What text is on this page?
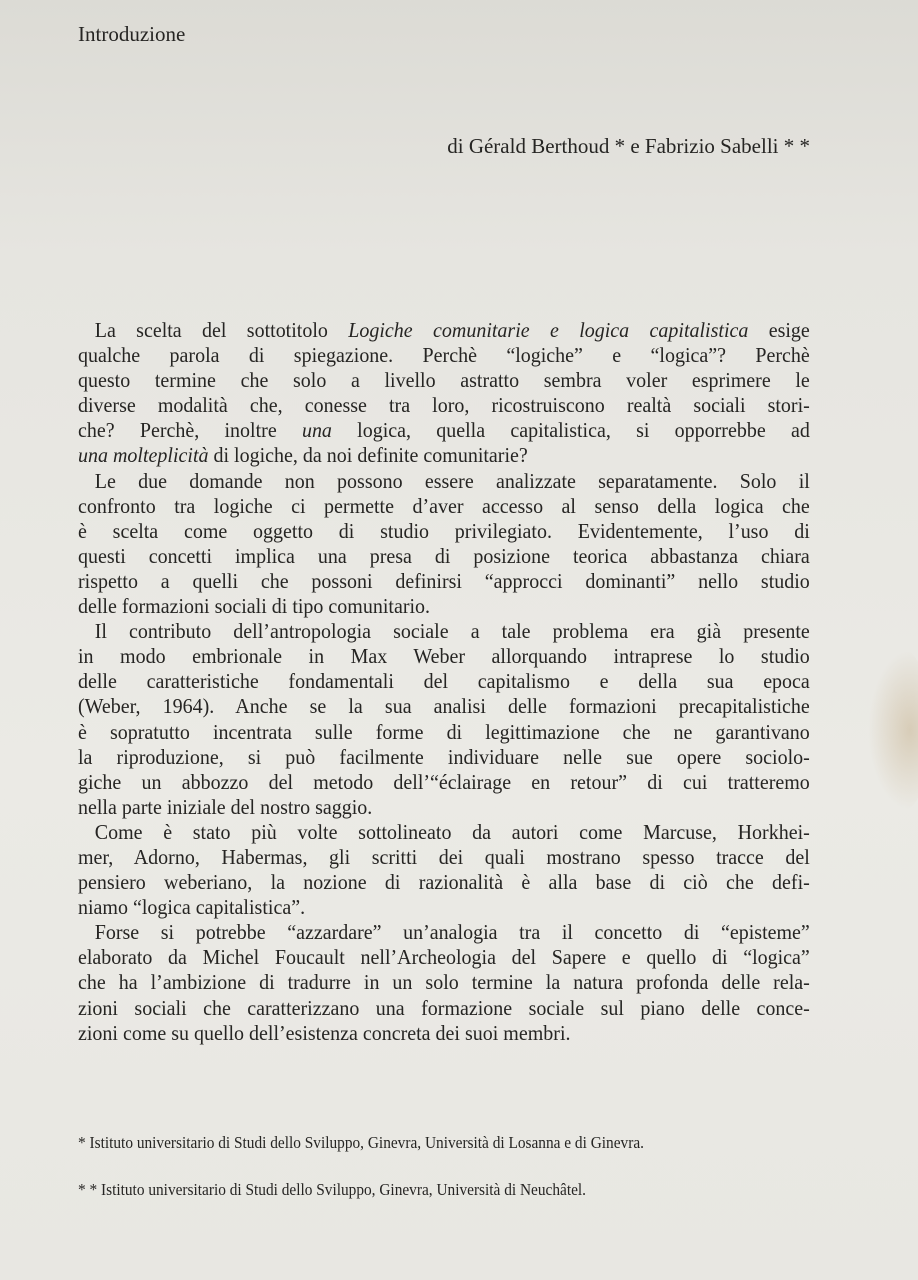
Introduzione
di Gérald Berthoud * e Fabrizio Sabelli * *
La scelta del sottotitolo Logiche comunitarie e logica capitalistica esige
qualche parola di spiegazione. Perchè “logiche” e “logica”? Perchè
questo termine che solo a livello astratto sembra voler esprimere le
diverse modalità che, conesse tra loro, ricostruiscono realtà sociali stori-
che? Perchè, inoltre una logica, quella capitalistica, si opporrebbe ad
una molteplicità di logiche, da noi definite comunitarie?
Le due domande non possono essere analizzate separatamente. Solo il
confronto tra logiche ci permette d’aver accesso al senso della logica che
è scelta come oggetto di studio privilegiato. Evidentemente, l’uso di
questi concetti implica una presa di posizione teorica abbastanza chiara
rispetto a quelli che possoni definirsi “approcci dominanti” nello studio
delle formazioni sociali di tipo comunitario.
Il contributo dell’antropologia sociale a tale problema era già presente
in modo embrionale in Max Weber allorquando intraprese lo studio
delle caratteristiche fondamentali del capitalismo e della sua epoca
(Weber, 1964). Anche se la sua analisi delle formazioni precapitalistiche
è sopratutto incentrata sulle forme di legittimazione che ne garantivano
la riproduzione, si può facilmente individuare nelle sue opere sociolo-
giche un abbozzo del metodo dell’“éclairage en retour” di cui tratteremo
nella parte iniziale del nostro saggio.
Come è stato più volte sottolineato da autori come Marcuse, Horkhei-
mer, Adorno, Habermas, gli scritti dei quali mostrano spesso tracce del
pensiero weberiano, la nozione di razionalità è alla base di ciò che defi-
niamo “logica capitalistica”.
Forse si potrebbe “azzardare” un’analogia tra il concetto di “episteme”
elaborato da Michel Foucault nell’Archeologia del Sapere e quello di “logica”
che ha l’ambizione di tradurre in un solo termine la natura profonda delle rela-
zioni sociali che caratterizzano una formazione sociale sul piano delle conce-
zioni come su quello dell’esistenza concreta dei suoi membri.
* Istituto universitario di Studi dello Sviluppo, Ginevra, Università di Losanna e di Ginevra.
* * Istituto universitario di Studi dello Sviluppo, Ginevra, Università di Neuchâtel.
